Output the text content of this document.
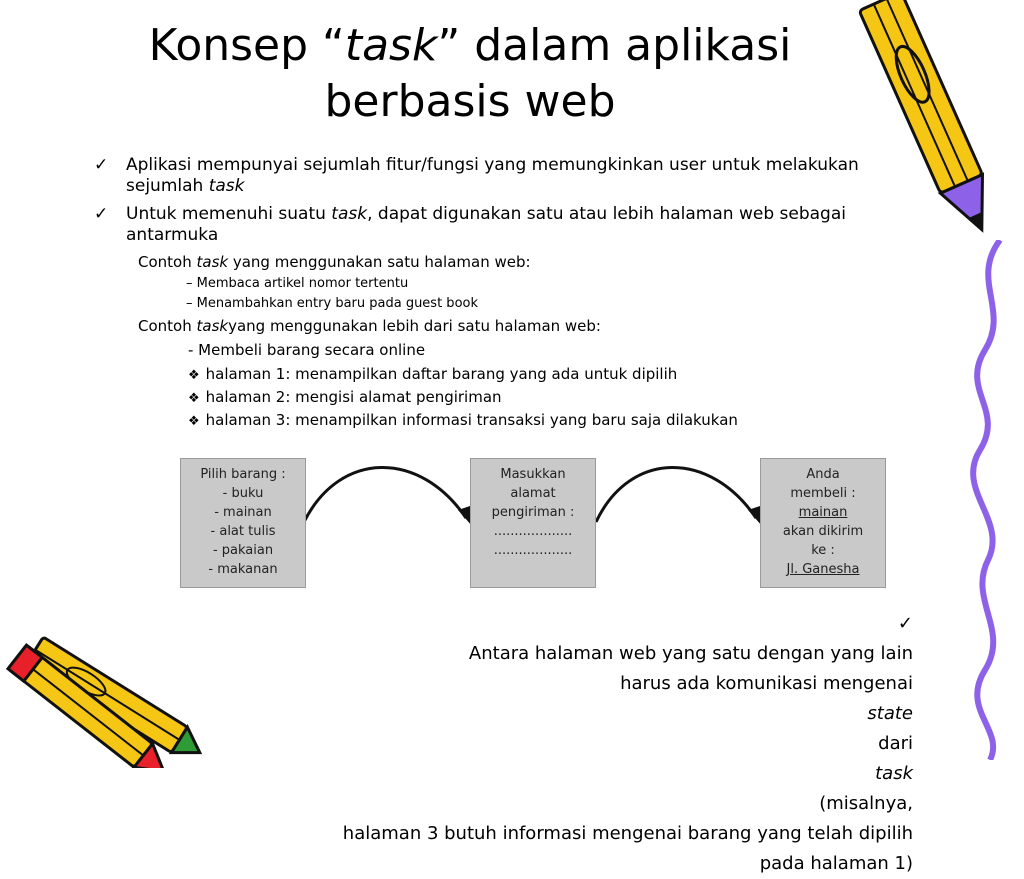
Konsep “task” dalam aplikasi
berbasis web
✓ Aplikasi mempunyai sejumlah fitur/fungsi yang memungkinkan user untuk melakukan sejumlah task
✓ Untuk memenuhi suatu task, dapat digunakan satu atau lebih halaman web sebagai antarmuka
Contoh task yang menggunakan satu halaman web:
– Membaca artikel nomor tertentu
– Menambahkan entry baru pada guest book
Contoh taskyang menggunakan lebih dari satu halaman web:
- Membeli barang secara online
❖ halaman 1: menampilkan daftar barang yang ada untuk dipilih
❖ halaman 2: mengisi alamat pengiriman
❖ halaman 3: menampilkan informasi transaksi yang baru saja dilakukan
Pilih barang :
- buku
- mainan
- alat tulis
- pakaian
- makanan
Masukkan
alamat
pengiriman :
...................
...................
Anda
membeli :
mainan
akan dikirim
ke :
Jl. Ganesha
✓
Antara halaman web yang satu dengan yang lain
harus ada komunikasi mengenai
state
dari
task
(misalnya,
halaman 3 butuh informasi mengenai barang yang telah dipilih
pada halaman 1)
